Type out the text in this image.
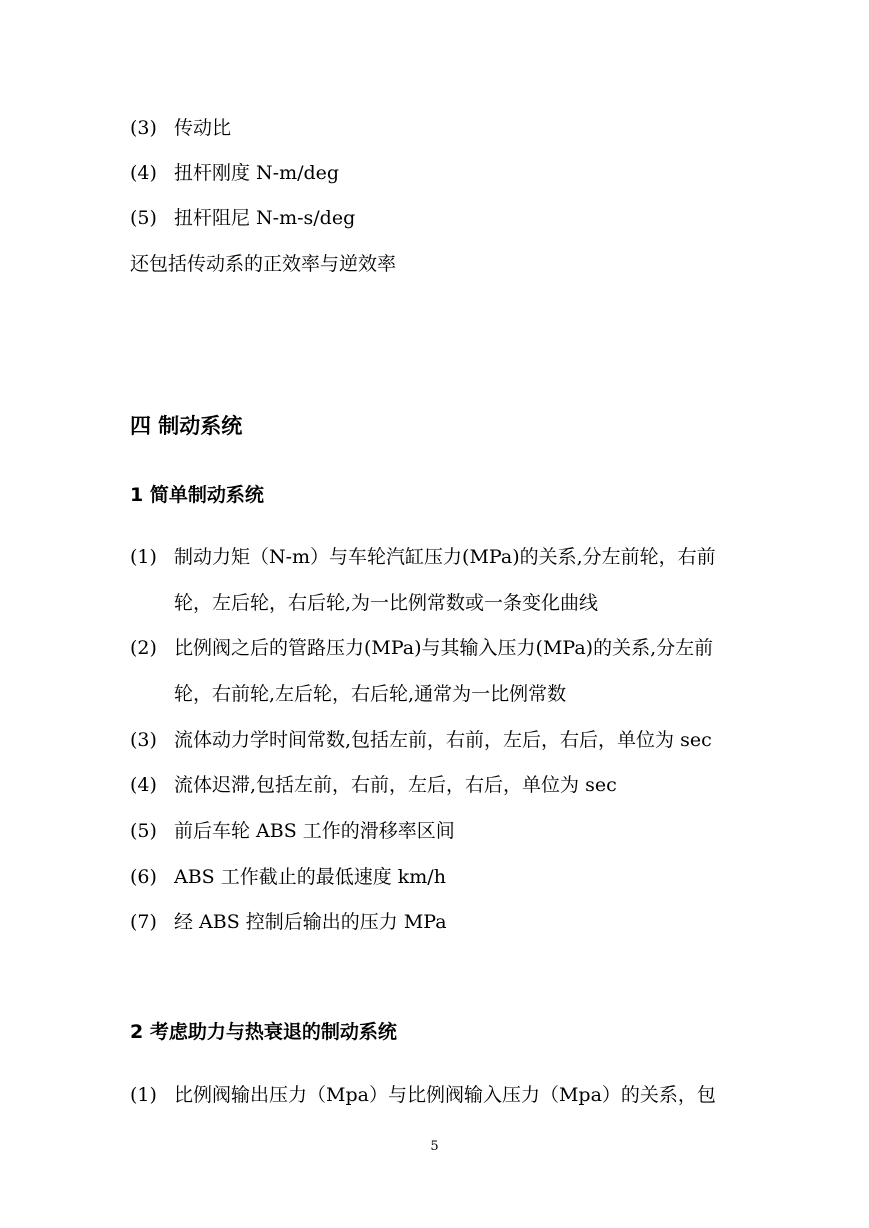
(3) 传动比
(4) 扭杆刚度 N-m/deg
(5) 扭杆阻尼 N-m-s/deg
还包括传动系的正效率与逆效率
四 制动系统
1 简单制动系统
(1) 制动力矩（N-m）与车轮汽缸压力(MPa)的关系,分左前轮，右前
轮，左后轮，右后轮,为一比例常数或一条变化曲线
(2) 比例阀之后的管路压力(MPa)与其输入压力(MPa)的关系,分左前
轮，右前轮,左后轮，右后轮,通常为一比例常数
(3) 流体动力学时间常数,包括左前，右前，左后，右后，单位为 sec
(4) 流体迟滞,包括左前，右前，左后，右后，单位为 sec
(5) 前后车轮 ABS 工作的滑移率区间
(6) ABS 工作截止的最低速度 km/h
(7) 经 ABS 控制后输出的压力 MPa
2 考虑助力与热衰退的制动系统
(1) 比例阀输出压力（Mpa）与比例阀输入压力（Mpa）的关系，包
5
